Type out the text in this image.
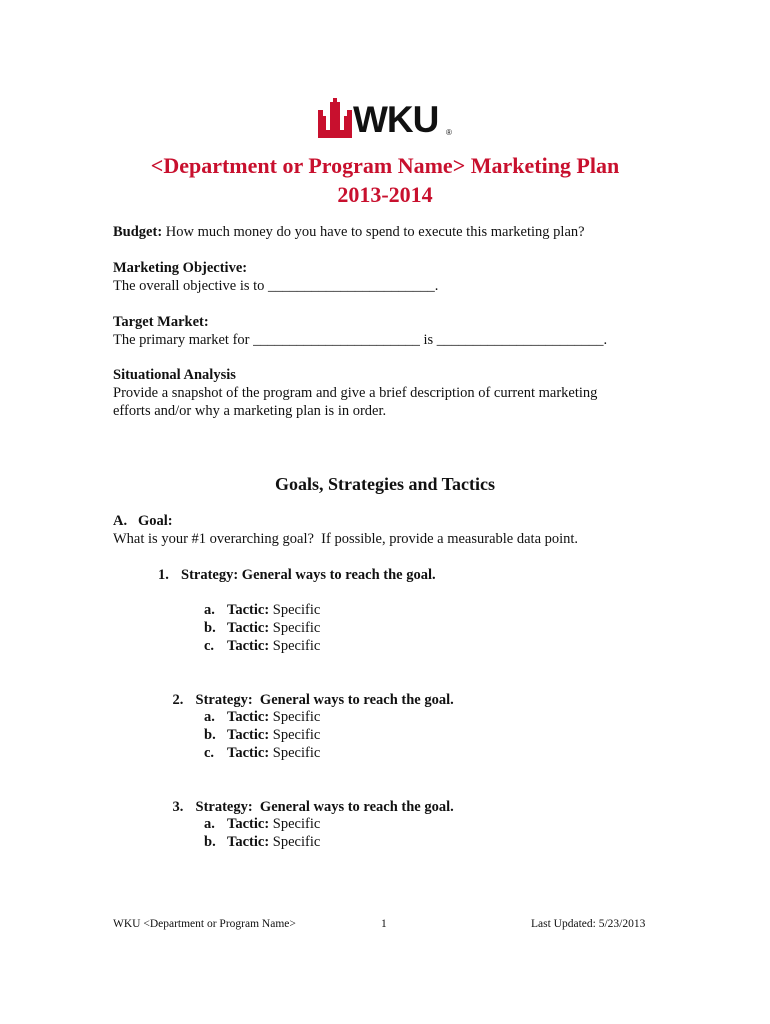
WKU ®
<Department or Program Name> Marketing Plan
2013-2014
Budget: How much money do you have to spend to execute this marketing plan?
Marketing Objective:
The overall objective is to _______________________.
Target Market:
The primary market for _______________________ is _______________________.
Situational Analysis
Provide a snapshot of the program and give a brief description of current marketing
efforts and/or why a marketing plan is in order.
Goals, Strategies and Tactics
A.   Goal:
What is your #1 overarching goal?  If possible, provide a measurable data point.
1. Strategy: General ways to reach the goal.
a. Tactic: Specific
b. Tactic: Specific
c. Tactic: Specific

2. Strategy:  General ways to reach the goal.

a. Tactic: Specific
b. Tactic: Specific
c. Tactic: Specific

3. Strategy:  General ways to reach the goal.

a. Tactic: Specific
b. Tactic: Specific
WKU <Department or Program Name>	1	Last Updated: 5/23/2013
